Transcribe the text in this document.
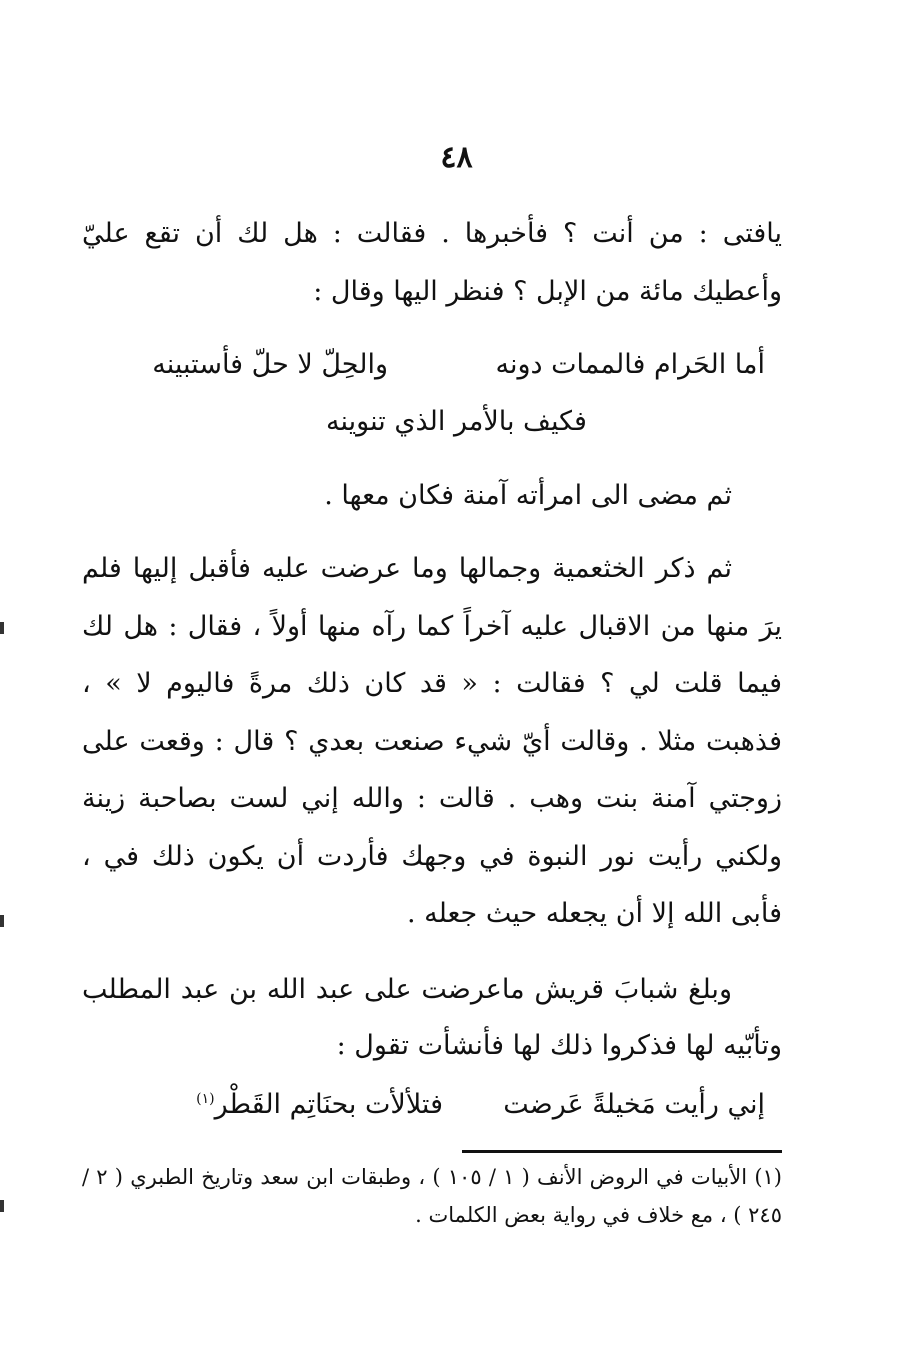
٤٨

يافتى : من أنت ؟ فأخبرها . فقالت : هل لك أن تقع عليّ وأعطيك مائة من الإبل ؟ فنظر اليها وقال :

أما الحَرام فالممات دونه
والحِلّ لا حلّ فأستبينه
فكيف بالأمر الذي تنوينه

ثم مضى الى امرأته آمنة فكان معها .

ثم ذكر الخثعمية وجمالها وما عرضت عليه فأقبل إليها فلم يرَ منها من الاقبال عليه آخراً كما رآه منها أولاً ، فقال : هل لك فيما قلت لي ؟ فقالت : « قد كان ذلك مرةً فاليوم لا » ، فذهبت مثلا . وقالت أيّ شيء صنعت بعدي ؟ قال : وقعت على زوجتي آمنة بنت وهب . قالت : والله إني لست بصاحبة زينة ولكني رأيت نور النبوة في وجهك فأردت أن يكون ذلك في ، فأبى الله إلا أن يجعله حيث جعله .

وبلغ شبابَ قريش ماعرضت على عبد الله بن عبد المطلب وتأبّيه لها فذكروا ذلك لها فأنشأت تقول :

إني رأيت مَخيلةً عَرضت
فتلألأت بحنَاتِم القَطْر$^{(١)}$
(١) الأبيات في الروض الأنف ( ١ / ١٠٥ ) ، وطبقات ابن سعد وتاريخ الطبري ( ٢ / ٢٤٥ ) ، مع خلاف في رواية بعض الكلمات .
